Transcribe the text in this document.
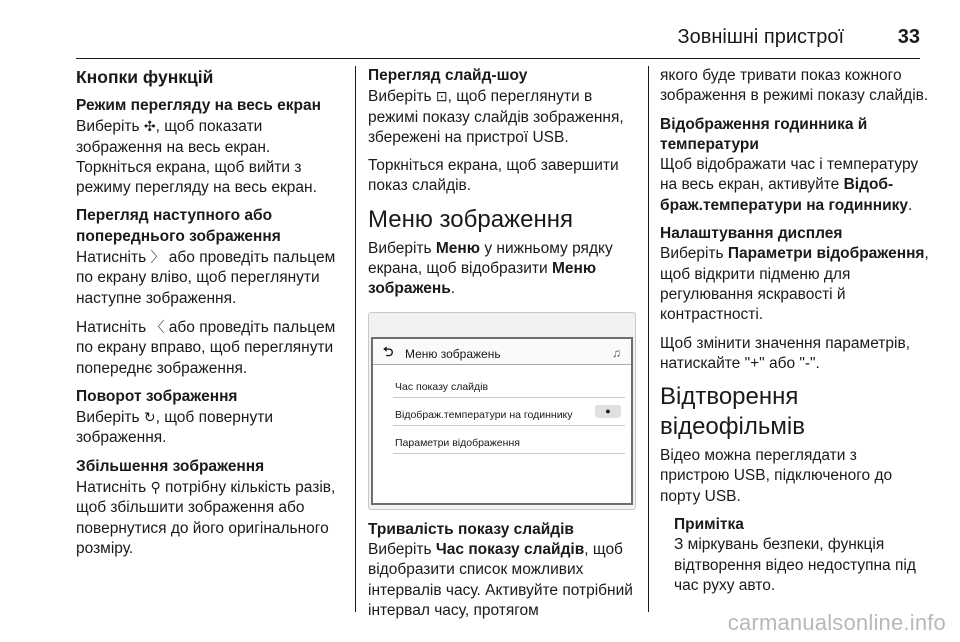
Зовнішні пристрої	33
Кнопки функцій
Режим перегляду на весь екран
Виберіть ✣, щоб показати зображення на весь екран. Торкніться екрана, щоб вийти з режиму перегляду на весь екран.
Перегляд наступного або попереднього зображення
Натисніть 〉 або проведіть пальцем по екрану вліво, щоб переглянути наступне зображення.
Натисніть 〈 або проведіть пальцем по екрану вправо, щоб переглянути попереднє зображення.
Поворот зображення
Виберіть ↻, щоб повернути зображення.
Збільшення зображення
Натисніть ⚲ потрібну кількість разів, щоб збільшити зображення або повернутися до його оригінального розміру.
Перегляд слайд-шоу
Виберіть ⊡, щоб переглянути в режимі показу слайдів зображення, збережені на пристрої USB.
Торкніться екрана, щоб завершити показ слайдів.
Меню зображення
Виберіть Меню у нижньому рядку екрана, щоб відобразити Меню зображень.
⮌ Меню зображень	♫
Час показу слайдів
Відображ.температури на годиннику	●
Параметри відображення
Тривалість показу слайдів
Виберіть Час показу слайдів, щоб відобразити список можливих інтервалів часу. Активуйте потрібний інтервал часу, протягом
якого буде тривати показ кожного зображення в режимі показу слайдів.
Відображення годинника й температури
Щоб відображати час і температуру на весь екран, активуйте Відоб-браж.температури на годиннику.
Налаштування дисплея
Виберіть Параметри відображення, щоб відкрити підменю для регулювання яскравості й контрастності.
Щоб змінити значення параметрів, натискайте "+" або "-".
Відтворення відеофільмів
Відео можна переглядати з пристрою USB, підключеного до порту USB.
Примітка
З міркувань безпеки, функція відтворення відео недоступна під час руху авто.
carmanualsonline.info
